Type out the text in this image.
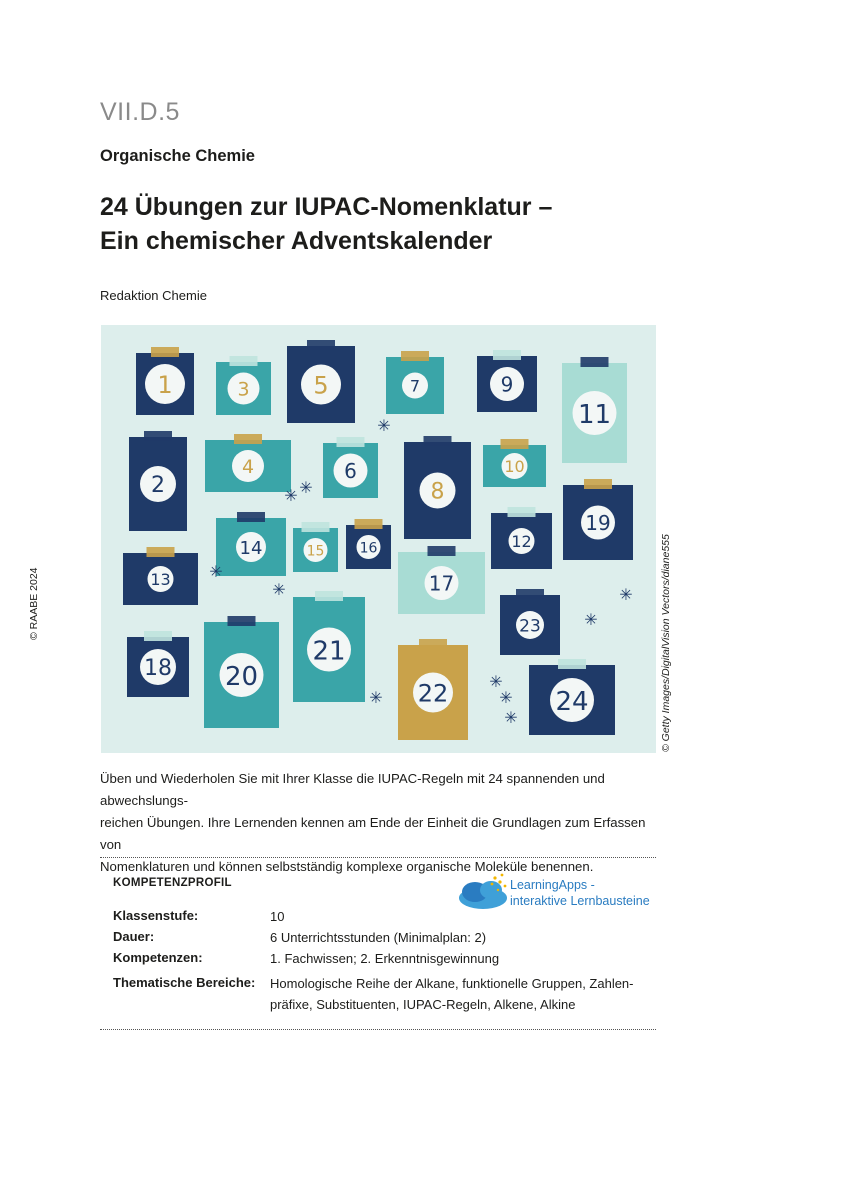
VII.D.5
Organische Chemie
24 Übungen zur IUPAC-Nomenklatur –
Ein chemischer Adventskalender
Redaktion Chemie
© RAABE 2024	© Getty Images/DigitalVision Vectors/diane555
1
2
3
4
5
6
7
8
9
10
11
12
13
14	15	16
17
18
19
20
21
22
23
24
✳
✳
✳
✳
✳	✳
✳
✳
✳
✳
✳
Üben und Wiederholen Sie mit Ihrer Klasse die IUPAC-Regeln mit 24 spannenden und abwechslungs-
reichen Übungen. Ihre Lernenden kennen am Ende der Einheit die Grundlagen zum Erfassen von
Nomenklaturen und können selbstständig komplexe organische Moleküle benennen.
KOMPETENZPROFIL	LearningApps -
interaktive Lernbausteine
Klassenstufe:	10
Dauer:	6 Unterrichtsstunden (Minimalplan: 2)
Kompetenzen:	1. Fachwissen; 2. Erkenntnisgewinnung
Thematische Bereiche: Homologische Reihe der Alkane, funktionelle Gruppen, Zahlen-
präfixe, Substituenten, IUPAC-Regeln, Alkene, Alkine
